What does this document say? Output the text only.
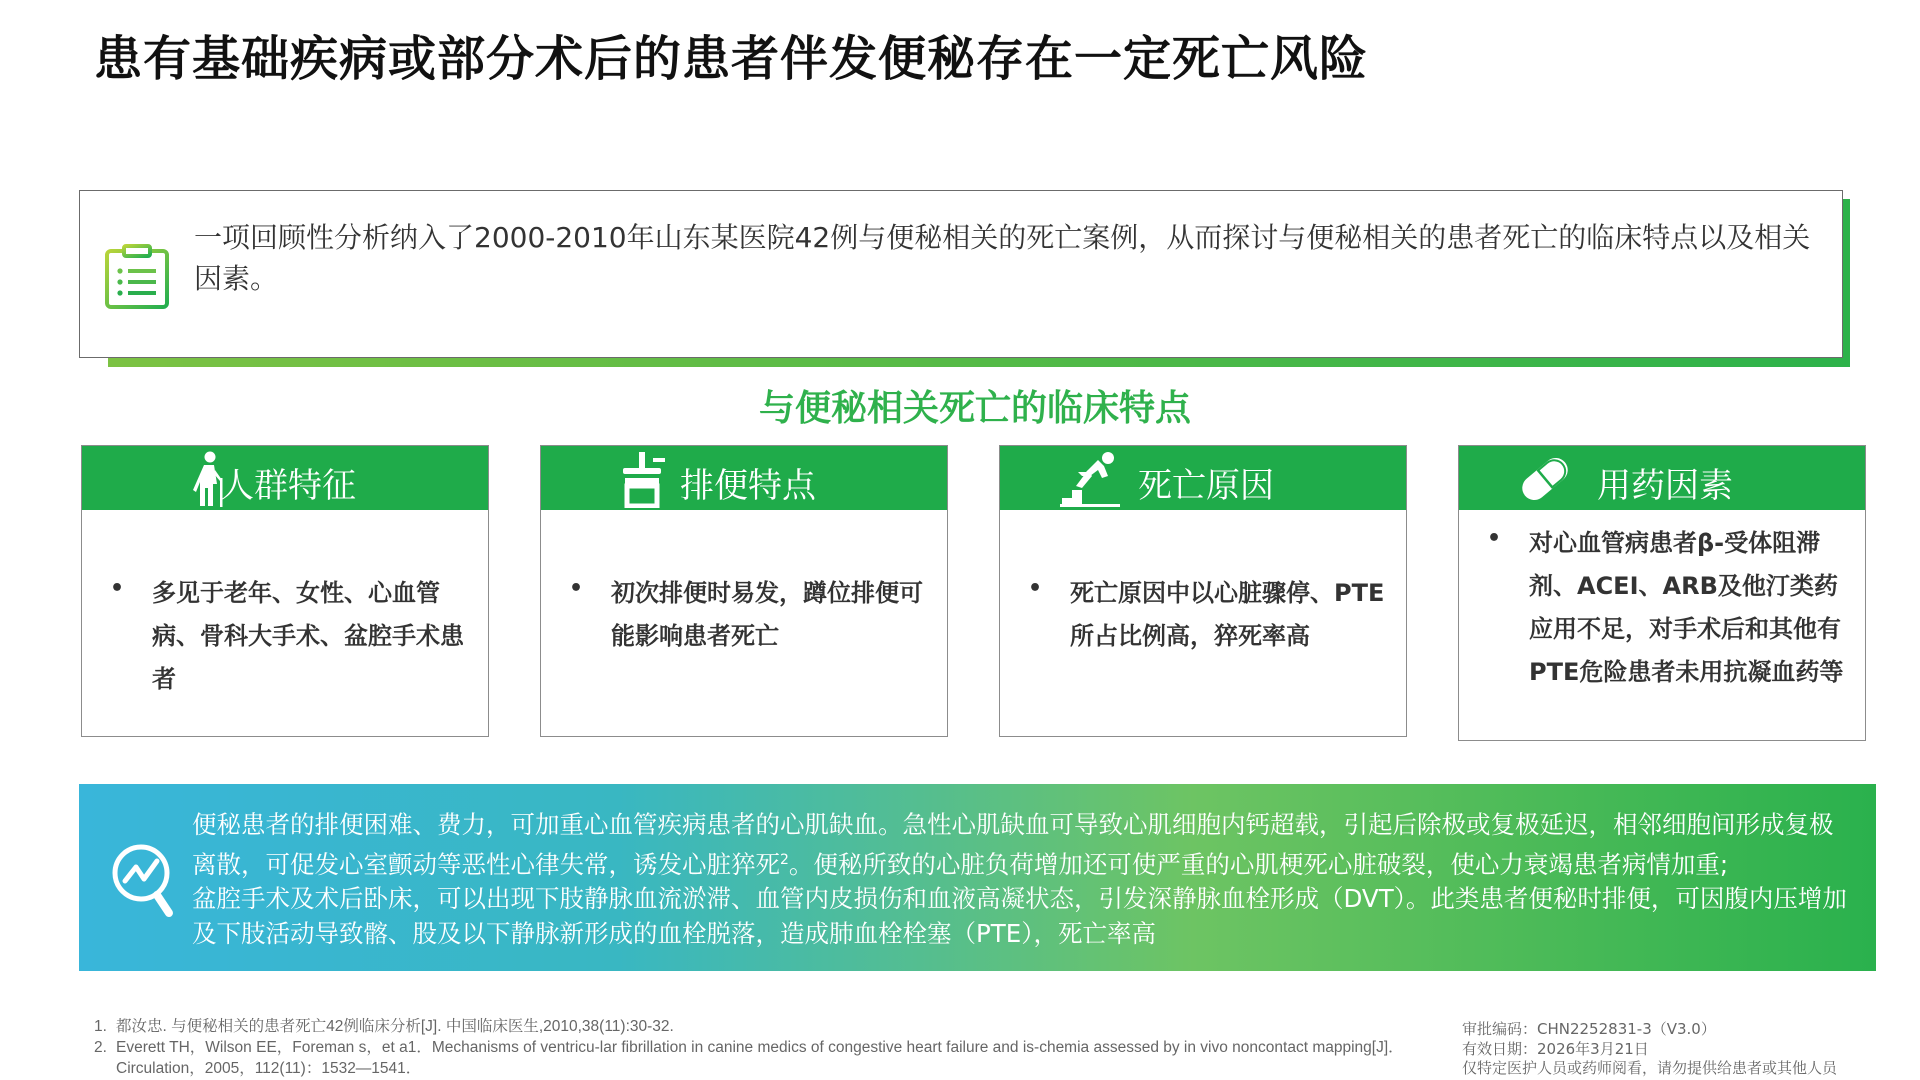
患有基础疾病或部分术后的患者伴发便秘存在一定死亡风险
一项回顾性分析纳入了2000-2010年山东某医院42例与便秘相关的死亡案例，从而探讨与便秘相关的患者死亡的临床特点以及相关因素。
与便秘相关死亡的临床特点
人群特征
• 多见于老年、女性、心血管病、骨科大手术、盆腔手术患者
排便特点
• 初次排便时易发，蹲位排便可能影响患者死亡
死亡原因
• 死亡原因中以心脏骤停、PTE所占比例高，猝死率高
用药因素
• 对心血管病患者β-受体阻滞剂、ACEI、ARB及他汀类药应用不足，对手术后和其他有PTE危险患者未用抗凝血药等
便秘患者的排便困难、费力，可加重心血管疾病患者的心肌缺血。急性心肌缺血可导致心肌细胞内钙超载，引起后除极或复极延迟，相邻细胞间形成复极离散，可促发心室颤动等恶性心律失常，诱发心脏猝死$^2$。便秘所致的心脏负荷增加还可使严重的心肌梗死心脏破裂，使心力衰竭患者病情加重;
盆腔手术及术后卧床，可以出现下肢静脉血流淤滞、血管内皮损伤和血液高凝状态，引发深静脉血栓形成（DVT）。此类患者便秘时排便，可因腹内压增加及下肢活动导致髂、股及以下静脉新形成的血栓脱落，造成肺血栓栓塞（PTE），死亡率高
1. 都汝忠. 与便秘相关的患者死亡42例临床分析[J]. 中国临床医生,2010,38(11):30-32.
2. Everett TH，Wilson EE，Foreman s，et a1．Mechanisms of ventricu-lar fibrillation in canine medics of congestive heart failure and is-chemia assessed by in vivo noncontact mapping[J]．Circulation，2005，112(11)：1532—1541．
审批编码：CHN2252831-3（V3.0）
有效日期：2026年3月21日
仅特定医护人员或药师阅看，请勿提供给患者或其他人员
